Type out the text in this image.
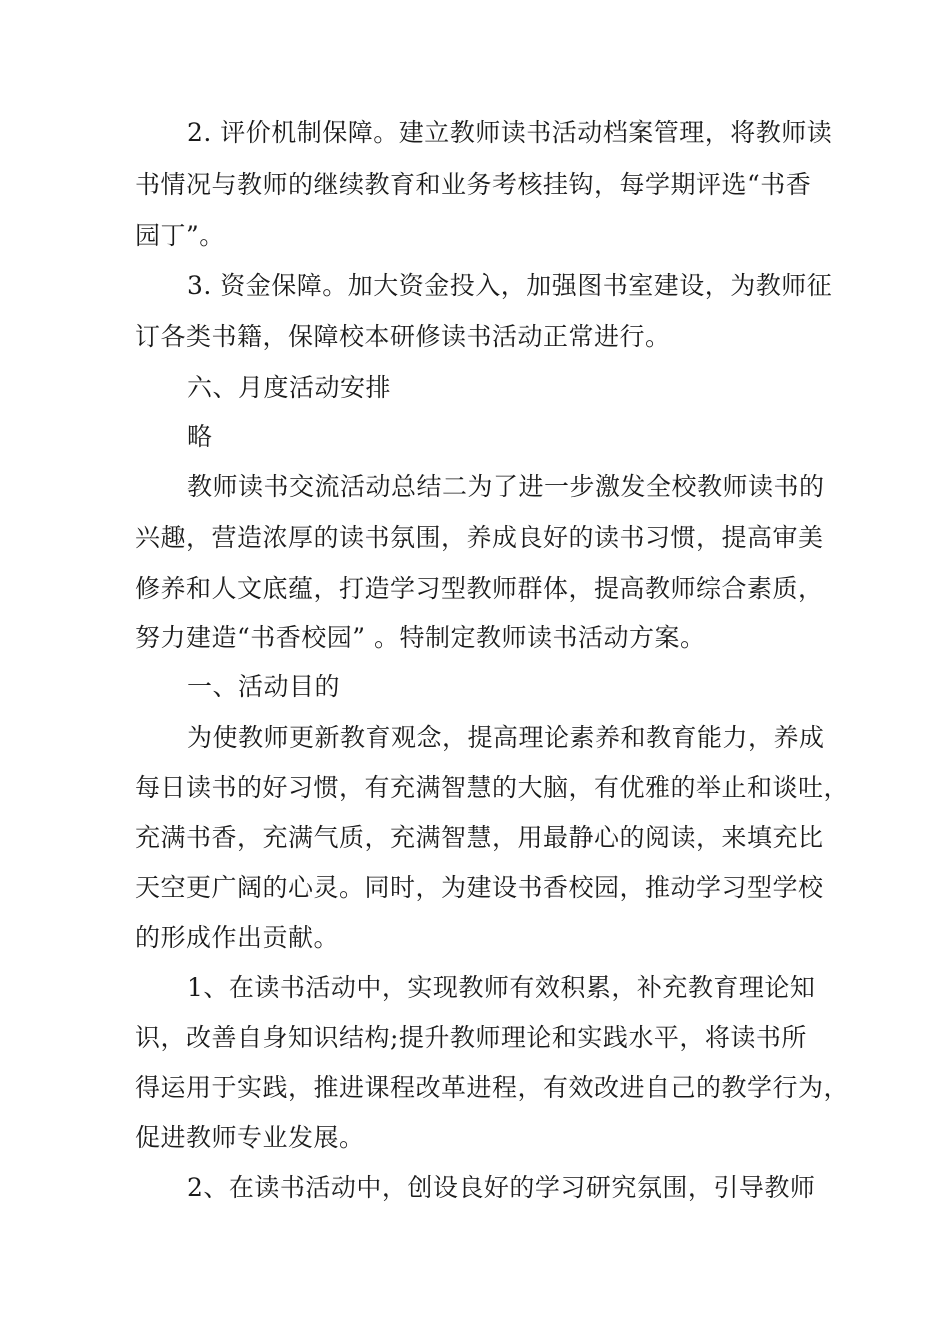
2. 评价机制保障。建立教师读书活动档案管理，将教师读
书情况与教师的继续教育和业务考核挂钩，每学期评选“书香
园丁”。
3. 资金保障。加大资金投入，加强图书室建设，为教师征
订各类书籍，保障校本研修读书活动正常进行。
六、月度活动安排
略
教师读书交流活动总结二为了进一步激发全校教师读书的
兴趣，营造浓厚的读书氛围，养成良好的读书习惯，提高审美
修养和人文底蕴，打造学习型教师群体，提高教师综合素质，
努力建造“书香校园” 。特制定教师读书活动方案。
一、活动目的
为使教师更新教育观念，提高理论素养和教育能力，养成
每日读书的好习惯，有充满智慧的大脑，有优雅的举止和谈吐，
充满书香，充满气质，充满智慧，用最静心的阅读，来填充比
天空更广阔的心灵。同时，为建设书香校园，推动学习型学校
的形成作出贡献。
1、在读书活动中，实现教师有效积累，补充教育理论知
识，改善自身知识结构;提升教师理论和实践水平，将读书所
得运用于实践，推进课程改革进程，有效改进自己的教学行为，
促进教师专业发展。
2、在读书活动中，创设良好的学习研究氛围，引导教师
